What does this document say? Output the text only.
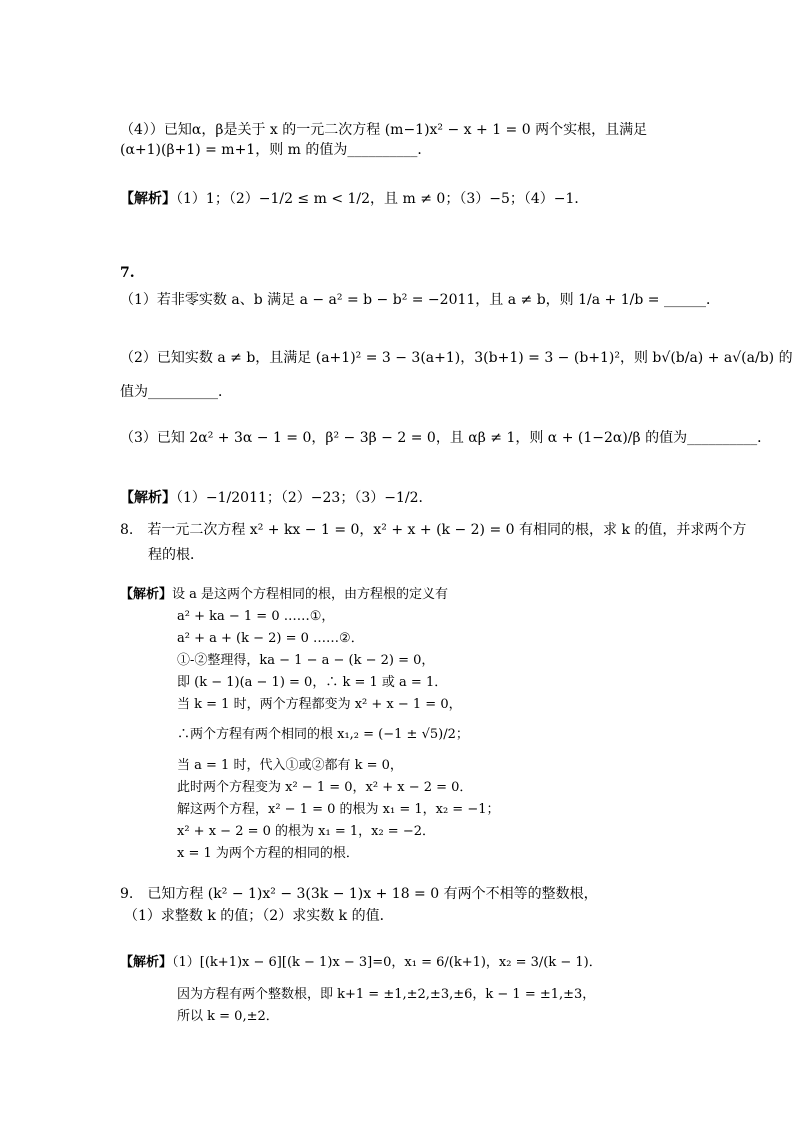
（4））已知α，β是关于 x 的一元二次方程 (m−1)x² − x + 1 = 0 两个实根，且满足
(α+1)(β+1) = m+1，则 m 的值为__________．
【解析】（1）1；（2）−1/2 ≤ m < 1/2，且 m ≠ 0；（3）−5；（4）−1．
7.
（1）若非零实数 a、b 满足 a − a² = b − b² = −2011，且 a ≠ b，则 1/a + 1/b = ______．
（2）已知实数 a ≠ b，且满足 (a+1)² = 3 − 3(a+1)，3(b+1) = 3 − (b+1)²，则 b√(b/a) + a√(a/b) 的
值为__________．
（3）已知 2α² + 3α − 1 = 0，β² − 3β − 2 = 0，且 αβ ≠ 1，则 α + (1−2α)/β 的值为__________．
【解析】（1）−1/2011；（2）−23；（3）−1/2．
8.　若一元二次方程 x² + kx − 1 = 0，x² + x + (k − 2) = 0 有相同的根，求 k 的值，并求两个方
程的根．
【解析】设 a 是这两个方程相同的根，由方程根的定义有
a² + ka − 1 = 0 ……①，
a² + a + (k − 2) = 0 ……②．
①-②整理得，ka − 1 − a − (k − 2) = 0，
即 (k − 1)(a − 1) = 0，∴ k = 1 或 a = 1．
当 k = 1 时，两个方程都变为 x² + x − 1 = 0，
∴两个方程有两个相同的根 x₁,₂ = (−1 ± √5)/2；
当 a = 1 时，代入①或②都有 k = 0，
此时两个方程变为 x² − 1 = 0，x² + x − 2 = 0．
解这两个方程，x² − 1 = 0 的根为 x₁ = 1，x₂ = −1；
x² + x − 2 = 0 的根为 x₁ = 1，x₂ = −2．
x = 1 为两个方程的相同的根．
9.　已知方程 (k² − 1)x² − 3(3k − 1)x + 18 = 0 有两个不相等的整数根，
（1）求整数 k 的值；（2）求实数 k 的值．
【解析】（1）[(k+1)x − 6][(k − 1)x − 3]=0，x₁ = 6/(k+1)，x₂ = 3/(k − 1)．
因为方程有两个整数根，即 k+1 = ±1,±2,±3,±6，k − 1 = ±1,±3，
所以 k = 0,±2．
